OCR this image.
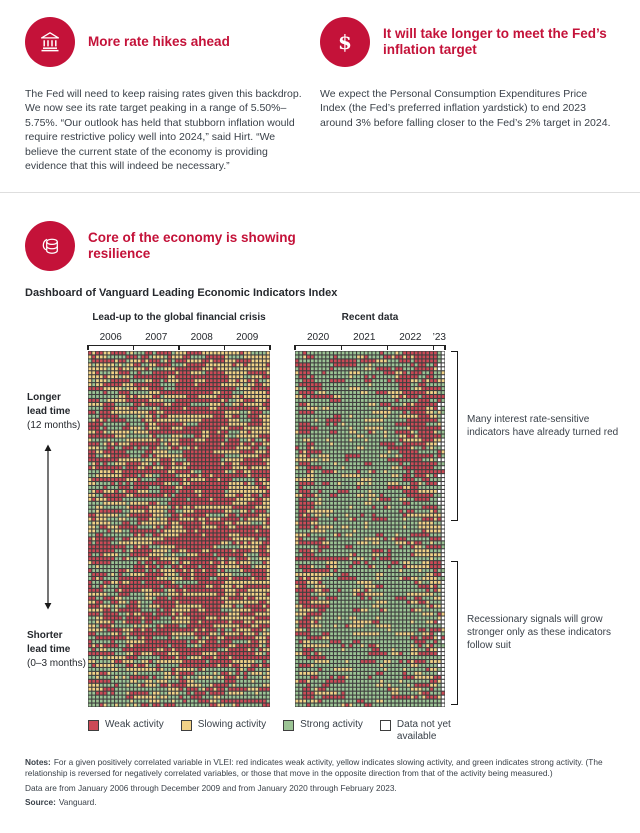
More rate hikes ahead

The Fed will need to keep raising rates given this backdrop. We now see its rate target peaking in a range of 5.50%–5.75%. “Our outlook has held that stubborn inflation would require restrictive policy well into 2024,” said Hirt. “We believe the current state of the economy is providing evidence that this will indeed be necessary.”

$ It will take longer to meet the Fed’s inflation target

We expect the Personal Consumption Expenditures Price Index (the Fed’s preferred inflation yardstick) to end 2023 around 3% before falling closer to the Fed’s 2% target in 2024.

Core of the economy is showing resilience
Dashboard of Vanguard Leading Economic Indicators Index
Lead-up to the global financial crisis	Recent data
2006 2007 2008 2009	2020 2021 2022 ’23
Longer
lead time
(12 months)
Shorter
lead time
(0–3 months)
Many interest rate-sensitive indicators have already turned red
Recessionary signals will grow stronger only as these indicators follow suit
Weak activity	Slowing activity	Strong activity	Data not yet available

Notes: For a given positively correlated variable in VLEI: red indicates weak activity, yellow indicates slowing activity, and green indicates strong activity. (The relationship is reversed for negatively correlated variables, or those that move in the opposite direction from that of the activity being measured.)

Data are from January 2006 through December 2009 and from January 2020 through February 2023.

Source: Vanguard.
